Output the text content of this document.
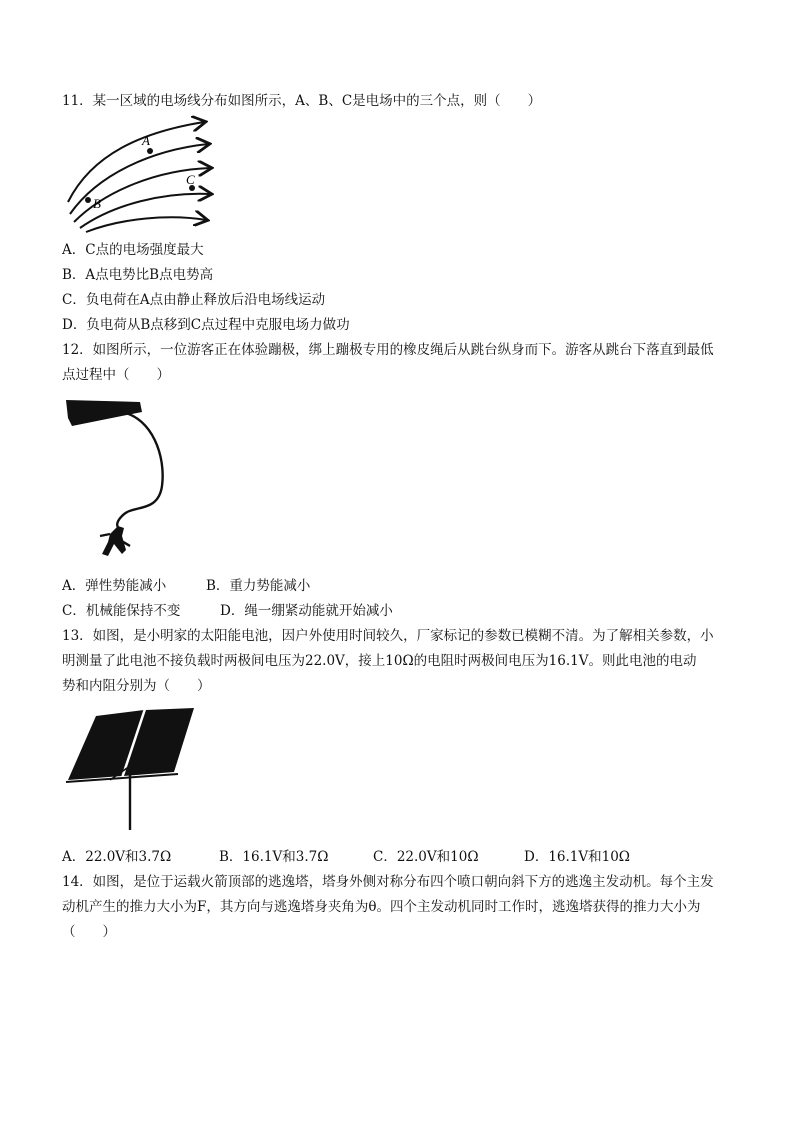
11．某一区域的电场线分布如图所示，A、B、C是电场中的三个点，则（　　）
A
C
B
A．C点的电场强度最大
B．A点电势比B点电势高
C．负电荷在A点由静止释放后沿电场线运动
D．负电荷从B点移到C点过程中克服电场力做功
12．如图所示，一位游客正在体验蹦极，绑上蹦极专用的橡皮绳后从跳台纵身而下。游客从跳台下落直到最低
点过程中（　　）
A．弹性势能减小	B．重力势能减小
C．机械能保持不变	D．绳一绷紧动能就开始减小
13．如图，是小明家的太阳能电池，因户外使用时间较久，厂家标记的参数已模糊不清。为了解相关参数，小
明测量了此电池不接负载时两极间电压为22.0V，接上10Ω的电阻时两极间电压为16.1V。则此电池的电动
势和内阻分别为（　　）
A．22.0V和3.7Ω	B．16.1V和3.7Ω	C．22.0V和10Ω	D．16.1V和10Ω
14．如图，是位于运载火箭顶部的逃逸塔，塔身外侧对称分布四个喷口朝向斜下方的逃逸主发动机。每个主发
动机产生的推力大小为F，其方向与逃逸塔身夹角为θ。四个主发动机同时工作时，逃逸塔获得的推力大小为
（　　）
